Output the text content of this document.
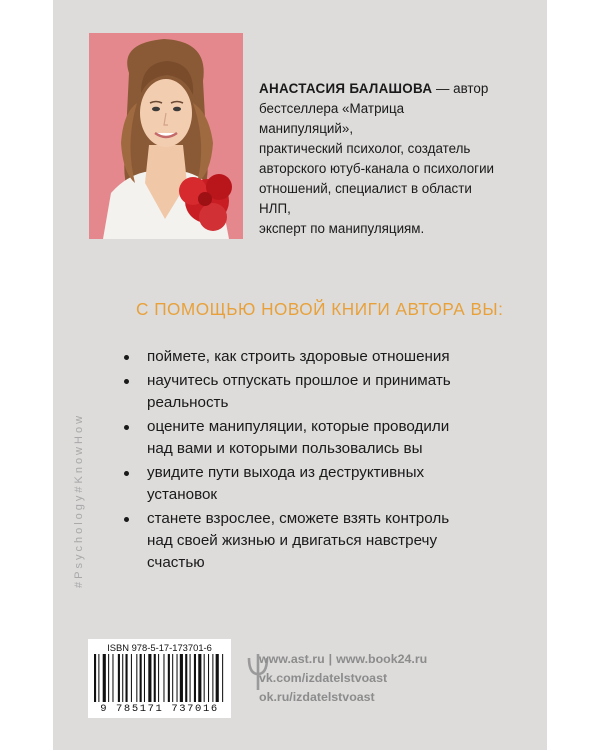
АНАСТАСИЯ БАЛАШОВА — автор
бестселлера «Матрица манипуляций»,
практический психолог, создатель
авторского ютуб-канала о психологии
отношений, специалист в области НЛП,
эксперт по манипуляциям.
С ПОМОЩЬЮ НОВОЙ КНИГИ АВТОРА ВЫ:
поймете, как строить здоровые отношения
научитесь отпускать прошлое и принимать
реальность
оцените манипуляции, которые проводили
над вами и которыми пользовались вы
увидите пути выхода из деструктивных
установок
станете взрослее, сможете взять контроль
над своей жизнью и двигаться навстречу
счастью
#Psychology#KnowHow
ISBN 978-5-17-173701-6
9 785171 737016
www.ast.ru | www.book24.ru
vk.com/izdatelstvoast
ok.ru/izdatelstvoast
